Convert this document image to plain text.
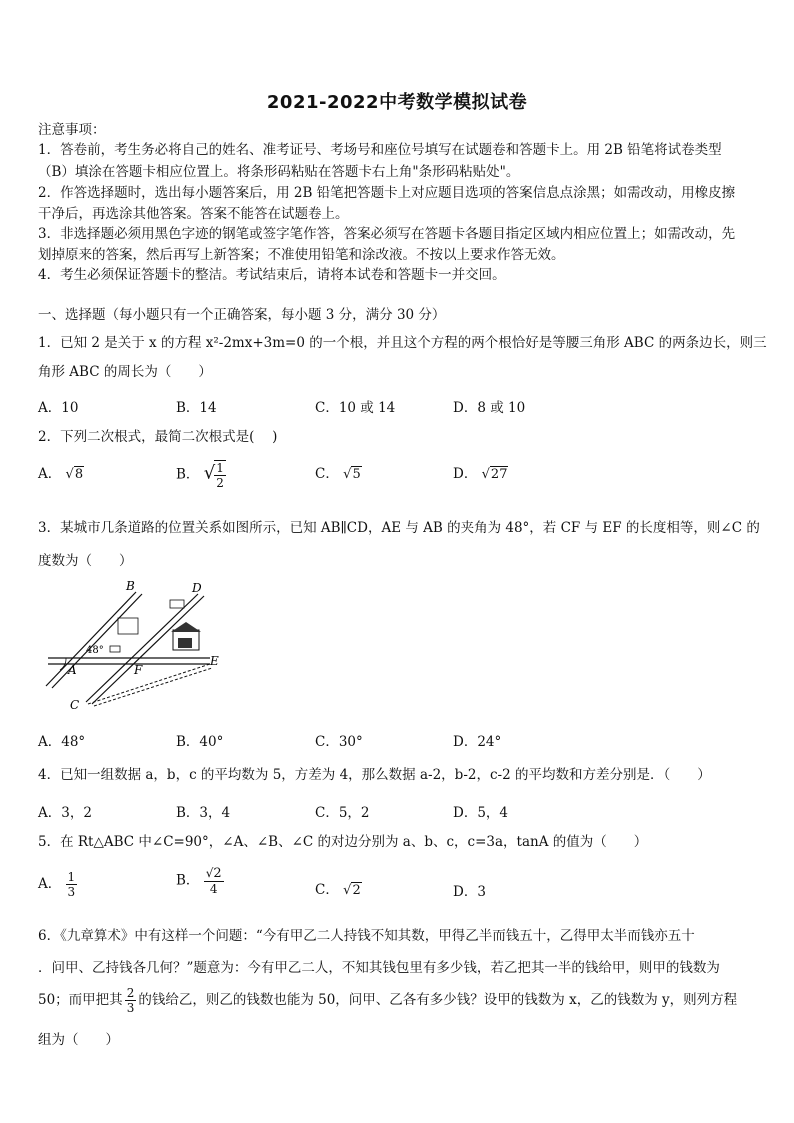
2021-2022中考数学模拟试卷
注意事项：
1．答卷前，考生务必将自己的姓名、准考证号、考场号和座位号填写在试题卷和答题卡上。用 2B 铅笔将试卷类型
（B）填涂在答题卡相应位置上。将条形码粘贴在答题卡右上角"条形码粘贴处"。
2．作答选择题时，选出每小题答案后，用 2B 铅笔把答题卡上对应题目选项的答案信息点涂黑；如需改动，用橡皮擦
干净后，再选涂其他答案。答案不能答在试题卷上。
3．非选择题必须用黑色字迹的钢笔或签字笔作答，答案必须写在答题卡各题目指定区域内相应位置上；如需改动，先
划掉原来的答案，然后再写上新答案；不准使用铅笔和涂改液。不按以上要求作答无效。
4．考生必须保证答题卡的整洁。考试结束后，请将本试卷和答题卡一并交回。
一、选择题（每小题只有一个正确答案，每小题 3 分，满分 30 分）
1．已知 2 是关于 x 的方程 x²-2mx+3m=0 的一个根，并且这个方程的两个根恰好是等腰三角形 ABC 的两条边长，则三
角形 ABC 的周长为（　　）
A．10	B．14	C．10 或 14	D．8 或 10
2．下列二次根式，最简二次根式是(　 )
A． √8	B． √ $\frac{1}{2}$	C． √5	D． √27
3．某城市几条道路的位置关系如图所示，已知 AB∥CD，AE 与 AB 的夹角为 48°，若 CF 与 EF 的长度相等，则∠C 的
度数为（　　）
48°
B	D
A	F
E
C
A．48°	B．40°	C．30°	D．24°
4．已知一组数据 a，b，c 的平均数为 5，方差为 4，那么数据 a-2，b-2，c-2 的平均数和方差分别是．（　　）
A．3，2	B．3，4	C．5，2	D．5，4
5．在 Rt△ABC 中∠C=90°，∠A、∠B、∠C 的对边分别为 a、b、c，c=3a，tanA 的值为（　　）
A． $\frac{1}{3}$	B． $\frac{√2}{4}$	C． √2	D．3
6．《九章算术》中有这样一个问题：“今有甲乙二人持钱不知其数，甲得乙半而钱五十，乙得甲太半而钱亦五十
．问甲、乙持钱各几何？”题意为：今有甲乙二人，不知其钱包里有多少钱，若乙把其一半的钱给甲，则甲的钱数为
50；而甲把其 $\frac{2}{3}$ 的钱给乙，则乙的钱数也能为 50，问甲、乙各有多少钱？设甲的钱数为 x，乙的钱数为 y，则列方程
组为（　　）
